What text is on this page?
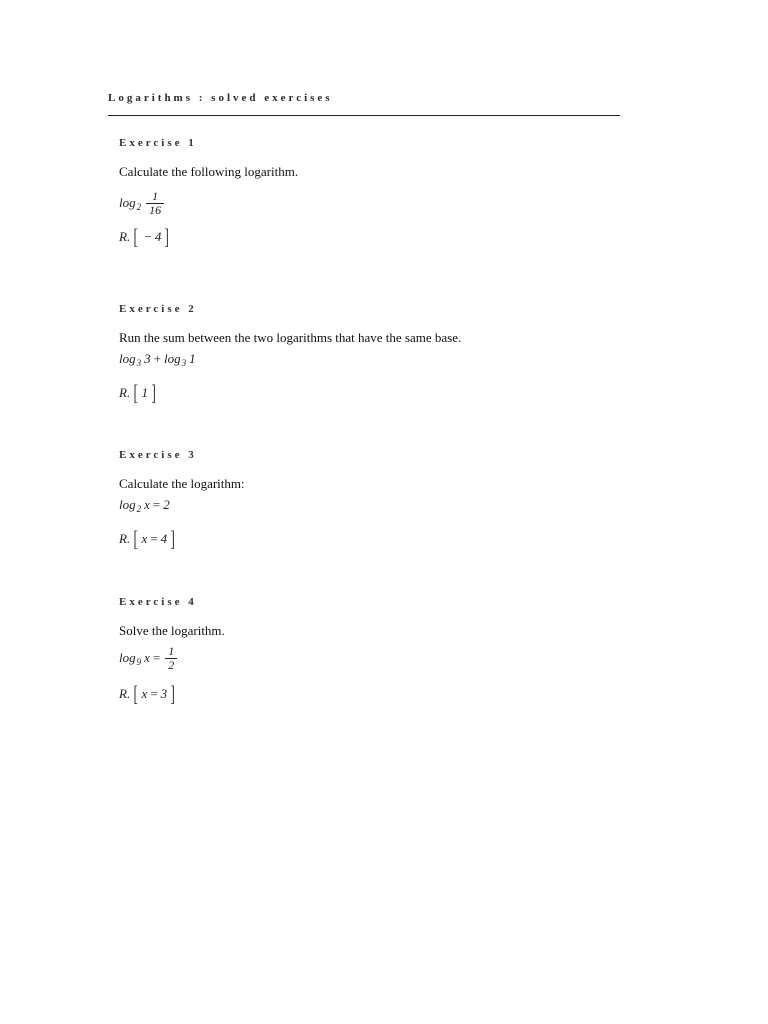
Logarithms : solved exercises
Exercise 1
Calculate the following logarithm.
$\log 2 \frac{1}{16}$
R. [ − 4 ]
Exercise 2
Run the sum between the two logarithms that have the same base.
log 3 3 + log 3 1
R. [ 1 ]
Exercise 3
Calculate the logarithm:
log 2 x = 2
R. [ x = 4 ]
Exercise 4
Solve the logarithm.
log 9 $x = \frac{1}{2}$
R. [ x = 3 ]
